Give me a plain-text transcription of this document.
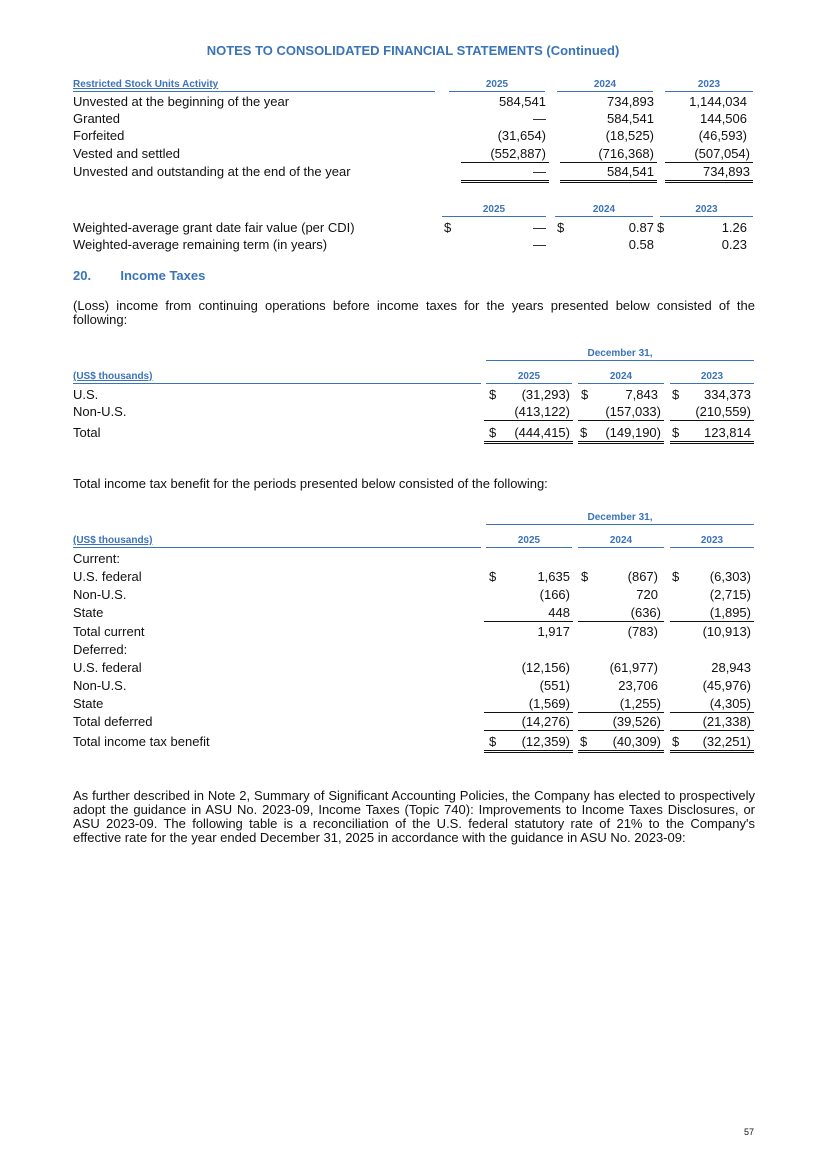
NOTES TO CONSOLIDATED FINANCIAL STATEMENTS (Continued)
Restricted Stock Units Activity	2025	2024	2023
Unvested at the beginning of the year	584,541	734,893	1,144,034
Granted	—	584,541	144,506
Forfeited	(31,654)	(18,525)	(46,593)
Vested and settled	(552,887)	(716,368)	(507,054)
Unvested and outstanding at the end of the year	—	584,541	734,893
2025	2024	2023
Weighted-average grant date fair value (per CDI)	$	— $	0.87 $	1.26
Weighted-average remaining term (in years)	—	0.58	0.23
20. Income Taxes
(Loss) income from continuing operations before income taxes for the years presented below consisted of the following:
December 31,
(US$ thousands)	2025	2024	2023
U.S.	$ (31,293) $	7,843 $ 334,373
Non-U.S.	(413,122)	(157,033)	(210,559)
Total	$ (444,415) $ (149,190) $ 123,814
Total income tax benefit for the periods presented below consisted of the following:
December 31,
(US$ thousands)	2025	2024	2023
Current:
U.S. federal	$	1,635 $	(867) $ (6,303)
Non-U.S.	(166)	720	(2,715)
State	448	(636)	(1,895)
Total current	1,917	(783)	(10,913)
Deferred:
U.S. federal	(12,156)	(61,977)	28,943
Non-U.S.	(551)	23,706	(45,976)
State	(1,569)	(1,255)	(4,305)
Total deferred	(14,276)	(39,526)	(21,338)
Total income tax benefit	$ (12,359) $ (40,309) $ (32,251)
As further described in Note 2, Summary of Significant Accounting Policies, the Company has elected to prospectively adopt the guidance in ASU No. 2023-09, Income Taxes (Topic 740): Improvements to Income Taxes Disclosures, or ASU 2023-09. The following table is a reconciliation of the U.S. federal statutory rate of 21% to the Company's effective rate for the year ended December 31, 2025 in accordance with the guidance in ASU No. 2023-09:
57
